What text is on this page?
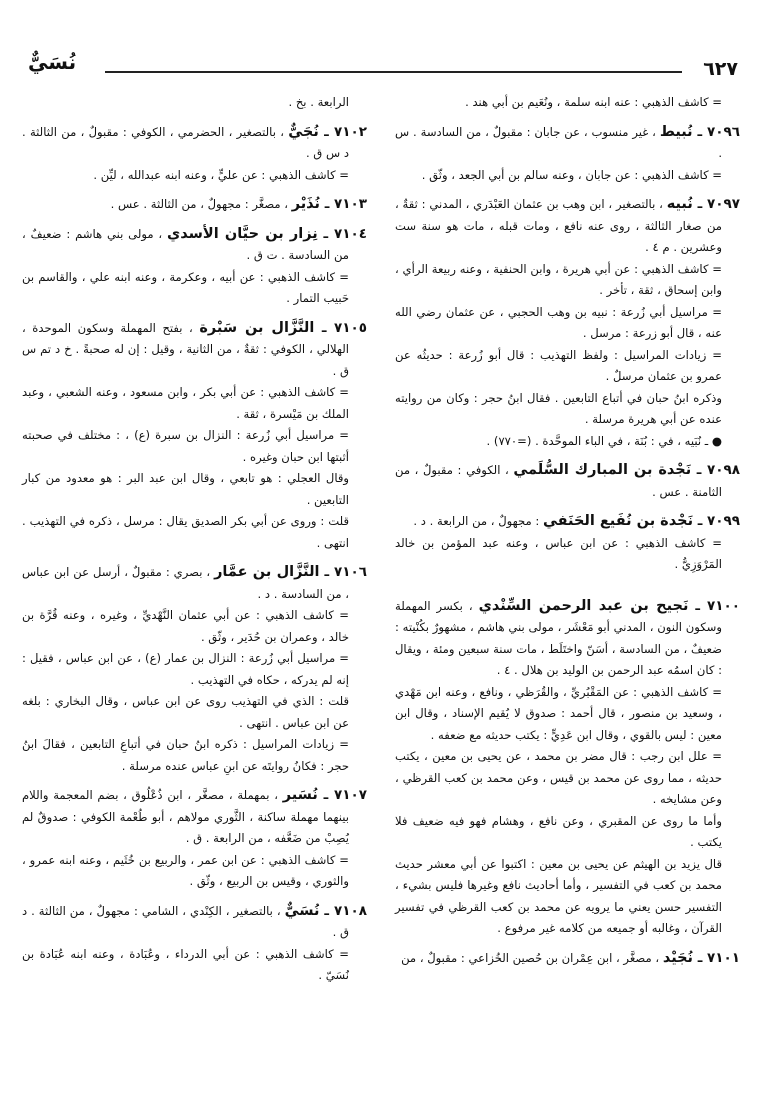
٦٢٧
نُسَيٌّ

= كاشف الذهبي : عنه ابنه سلمة ، ونُعَيم بن أبي هند .

٧٠٩٦ ـ نُبيط ، غير منسوب ، عن جابان : مقبولٌ ، من السادسة . س .

= كاشف الذهبي : عن جابان ، وعنه سالم بن أبي الجعد ، وثّق .

٧٠٩٧ ـ نُبيه ، بالتصغير ، ابن وهب بن عثمان العَبْدَري ، المدني : ثقةٌ ، من صغار الثالثة ، روى عنه نافع ، ومات قبله ، مات هو سنة ست وعشرين . م ٤ .

= كاشف الذهبي : عن أبي هريرة ، وابن الحنفية ، وعنه ربيعة الرأي ، وابن إسحاق ، ثقة ، تأخر .

= مراسيل أبي زُرعة : نبيه بن وهب الحجبي ، عن عثمان رضي الله عنه ، قال أبو زرعة : مرسل .

= زيادات المراسيل : ولفظ التهذيب : قال أبو زُرعة : حديثُه عن عمرو بن عثمان مرسلٌ .

وذكره ابنُ حبان في أتباع التابعين . فقال ابنُ حجر : وكان من روايته عنده عن أبي هريرة مرسلة .

● ـ نُبَيه ، في : بُنَة ، في الباء الموحَّدة . (=٧٧٠) .

٧٠٩٨ ـ نَجْدة بن المبارك السُّلَمي ، الكوفي : مقبولٌ ، من الثامنة . عس .

٧٠٩٩ ـ نَجْدة بن نُفَيع الحَنَفي : مجهولٌ ، من الرابعة . د .

= كاشف الذهبي : عن ابن عباس ، وعنه عبد المؤمن بن خالد المَرْوَزِيُّ .

٧١٠٠ ـ نَجيح بن عبد الرحمن السِّنْدي ، بكسر المهملة وسكون النون ، المدني أبو مَعْشَر ، مولى بني هاشم ، مشهورٌ بكُنْيته : ضعيفٌ ، من السادسة ، أسَنّ واختَلَط ، مات سنة سبعين ومئة ، ويقال : كان اسمُه عبد الرحمن بن الوليد بن هلال . ٤ .

= كاشف الذهبي : عن المَقْبُريِّ ، والقُرَظي ، ونافع ، وعنه ابن مَهْدي ، وسعيد بن منصور ، قال أحمد : صدوق لا يُقيم الإسناد ، وقال ابن معين : ليس بالقوي ، وقال ابن عَدِيٍّ : يكتب حديثه مع ضعفه .

= علل ابن رجب : قال مضر بن محمد ، عن يحيى بن معين ، يكتب حديثه ، مما روى عن محمد بن قيس ، وعن محمد بن كعب القرظي ، وعن مشايخه .

وأما ما روى عن المقبري ، وعن نافع ، وهشام فهو فيه ضعيف فلا يكتب .

قال يزيد بن الهيثم عن يحيى بن معين : اكتبوا عن أبي معشر حديث محمد بن كعب في التفسير ، وأما أحاديث نافع وغيرها فليس بشيء ، التفسير حسن يعني ما يرويه عن محمد بن كعب القرظي في تفسير القرآن ، وغالبه أو جميعه من كلامه غير مرفوع .

٧١٠١ ـ نُجَيْد ، مصغَّر ، ابن عِمْران بن حُصين الخُزاعي : مقبولٌ ، من

الرابعة . بخ .

٧١٠٢ ـ نُجَيٌّ ، بالتصغير ، الحضرمي ، الكوفي : مقبولٌ ، من الثالثة . د س ق .

= كاشف الذهبي : عن عليٍّ ، وعنه ابنه عبدالله ، ليِّن .

٧١٠٣ ـ نُذَيْر ، مصغَّر : مجهولٌ ، من الثالثة . عس .

٧١٠٤ ـ نِزار بن حيَّان الأسدي ، مولى بني هاشم : ضعيفٌ ، من السادسة . ت ق .

= كاشف الذهبي : عن أبيه ، وعكرمة ، وعنه ابنه علي ، والقاسم بن حَبيب التمار .

٧١٠٥ ـ النَّزَّال بن سَبْرة ، بفتح المهملة وسكون الموحدة ، الهلالي ، الكوفي : ثقةٌ ، من الثانية ، وقيل : إن له صحبةً . خ د تم س ق .

= كاشف الذهبي : عن أبي بكر ، وابن مسعود ، وعنه الشعبي ، وعبد الملك بن مَيْسرة ، ثقة .

= مراسيل أبي زُرعة : النزال بن سبرة (ع) ، : مختلف في صحبته أثبتها ابن حبان وغيره .

وقال العجلي : هو تابعي ، وقال ابن عبد البر : هو معدود من كبار التابعين .

قلت : وروى عن أبي بكر الصديق يقال : مرسل ، ذكره في التهذيب . انتهى .

٧١٠٦ ـ النَّزَّال بن عمَّار ، بصري : مقبولٌ ، أرسل عن ابن عباس ، من السادسة . د .

= كاشف الذهبي : عن أبي عثمان النَّهْديِّ ، وغيره ، وعنه قُرَّة بن خالد ، وعمران بن حُدَير ، وثّق .

= مراسيل أبي زُرعة : النزال بن عمار (ع) ، عن ابن عباس ، فقيل : إنه لم يدركه ، حكاه في التهذيب .

قلت : الذي في التهذيب روى عن ابن عباس ، وقال البخاري : بلغه عن ابن عباس . انتهى .

= زيادات المراسيل : ذكره ابنُ حبان في أتباعِ التابعين ، فقالَ ابنُ حجر : فكانُ روايتَه عن ابنِ عباس عنده مرسلة .

٧١٠٧ ـ نُسَير ، بمهملة ، مصغَّر ، ابن ذُعْلُوق ، بضم المعجمة واللام بينهما مهملة ساكنة ، الثَّوري مولاهم ، أبو طُعْمة الكوفي : صدوقٌ لم يُصِبْ من ضَعَّفه ، من الرابعة . ق .

= كاشف الذهبي : عن ابن عمر ، والربيع بن خُثَيم ، وعنه ابنه عمرو ، والثوري ، وقيس بن الربيع ، وثّق .

٧١٠٨ ـ نُسَيٌّ ، بالتصغير ، الكِنْدي ، الشامي : مجهولٌ ، من الثالثة . د ق .

= كاشف الذهبي : عن أبي الدرداء ، وعُبَادة ، وعنه ابنه عُبَادة بن نُسَيّ .
